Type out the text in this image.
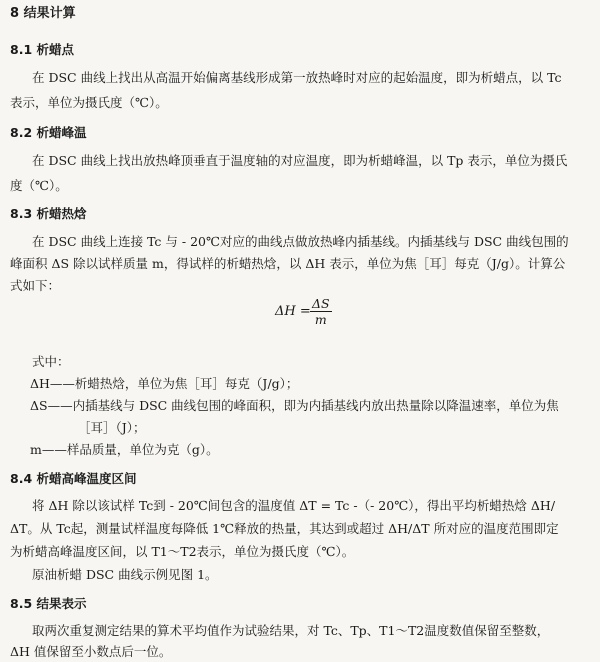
8 结果计算
8.1 析蜡点
在 DSC 曲线上找出从高温开始偏离基线形成第一放热峰时对应的起始温度，即为析蜡点，以 Tc
表示，单位为摄氏度（℃）。
8.2 析蜡峰温
在 DSC 曲线上找出放热峰顶垂直于温度轴的对应温度，即为析蜡峰温，以 Tp 表示，单位为摄氏
度（℃）。
8.3 析蜡热焓
在 DSC 曲线上连接 Tc 与 - 20℃对应的曲线点做放热峰内插基线。内插基线与 DSC 曲线包围的
峰面积 ΔS 除以试样质量 m，得试样的析蜡热焓，以 ΔH 表示，单位为焦［耳］每克（J/g）。计算公
式如下：
$\Delta H = \frac{\Delta S}{m}$
式中：
ΔH——析蜡热焓，单位为焦［耳］每克（J/g）；
ΔS——内插基线与 DSC 曲线包围的峰面积，即为内插基线内放出热量除以降温速率，单位为焦
［耳］（J）；
m——样品质量，单位为克（g）。
8.4 析蜡高峰温度区间
将 ΔH 除以该试样 Tc到 - 20℃间包含的温度值 ΔT = Tc -（- 20℃），得出平均析蜡热焓 ΔH/
ΔT。从 Tc起，测量试样温度每降低 1℃释放的热量，其达到或超过 ΔH/ΔT 所对应的温度范围即定
为析蜡高峰温度区间，以 T1～T2表示，单位为摄氏度（℃）。
原油析蜡 DSC 曲线示例见图 1。
8.5 结果表示
取两次重复测定结果的算术平均值作为试验结果，对 Tc、Tp、T1～T2温度数值保留至整数，
ΔH 值保留至小数点后一位。
